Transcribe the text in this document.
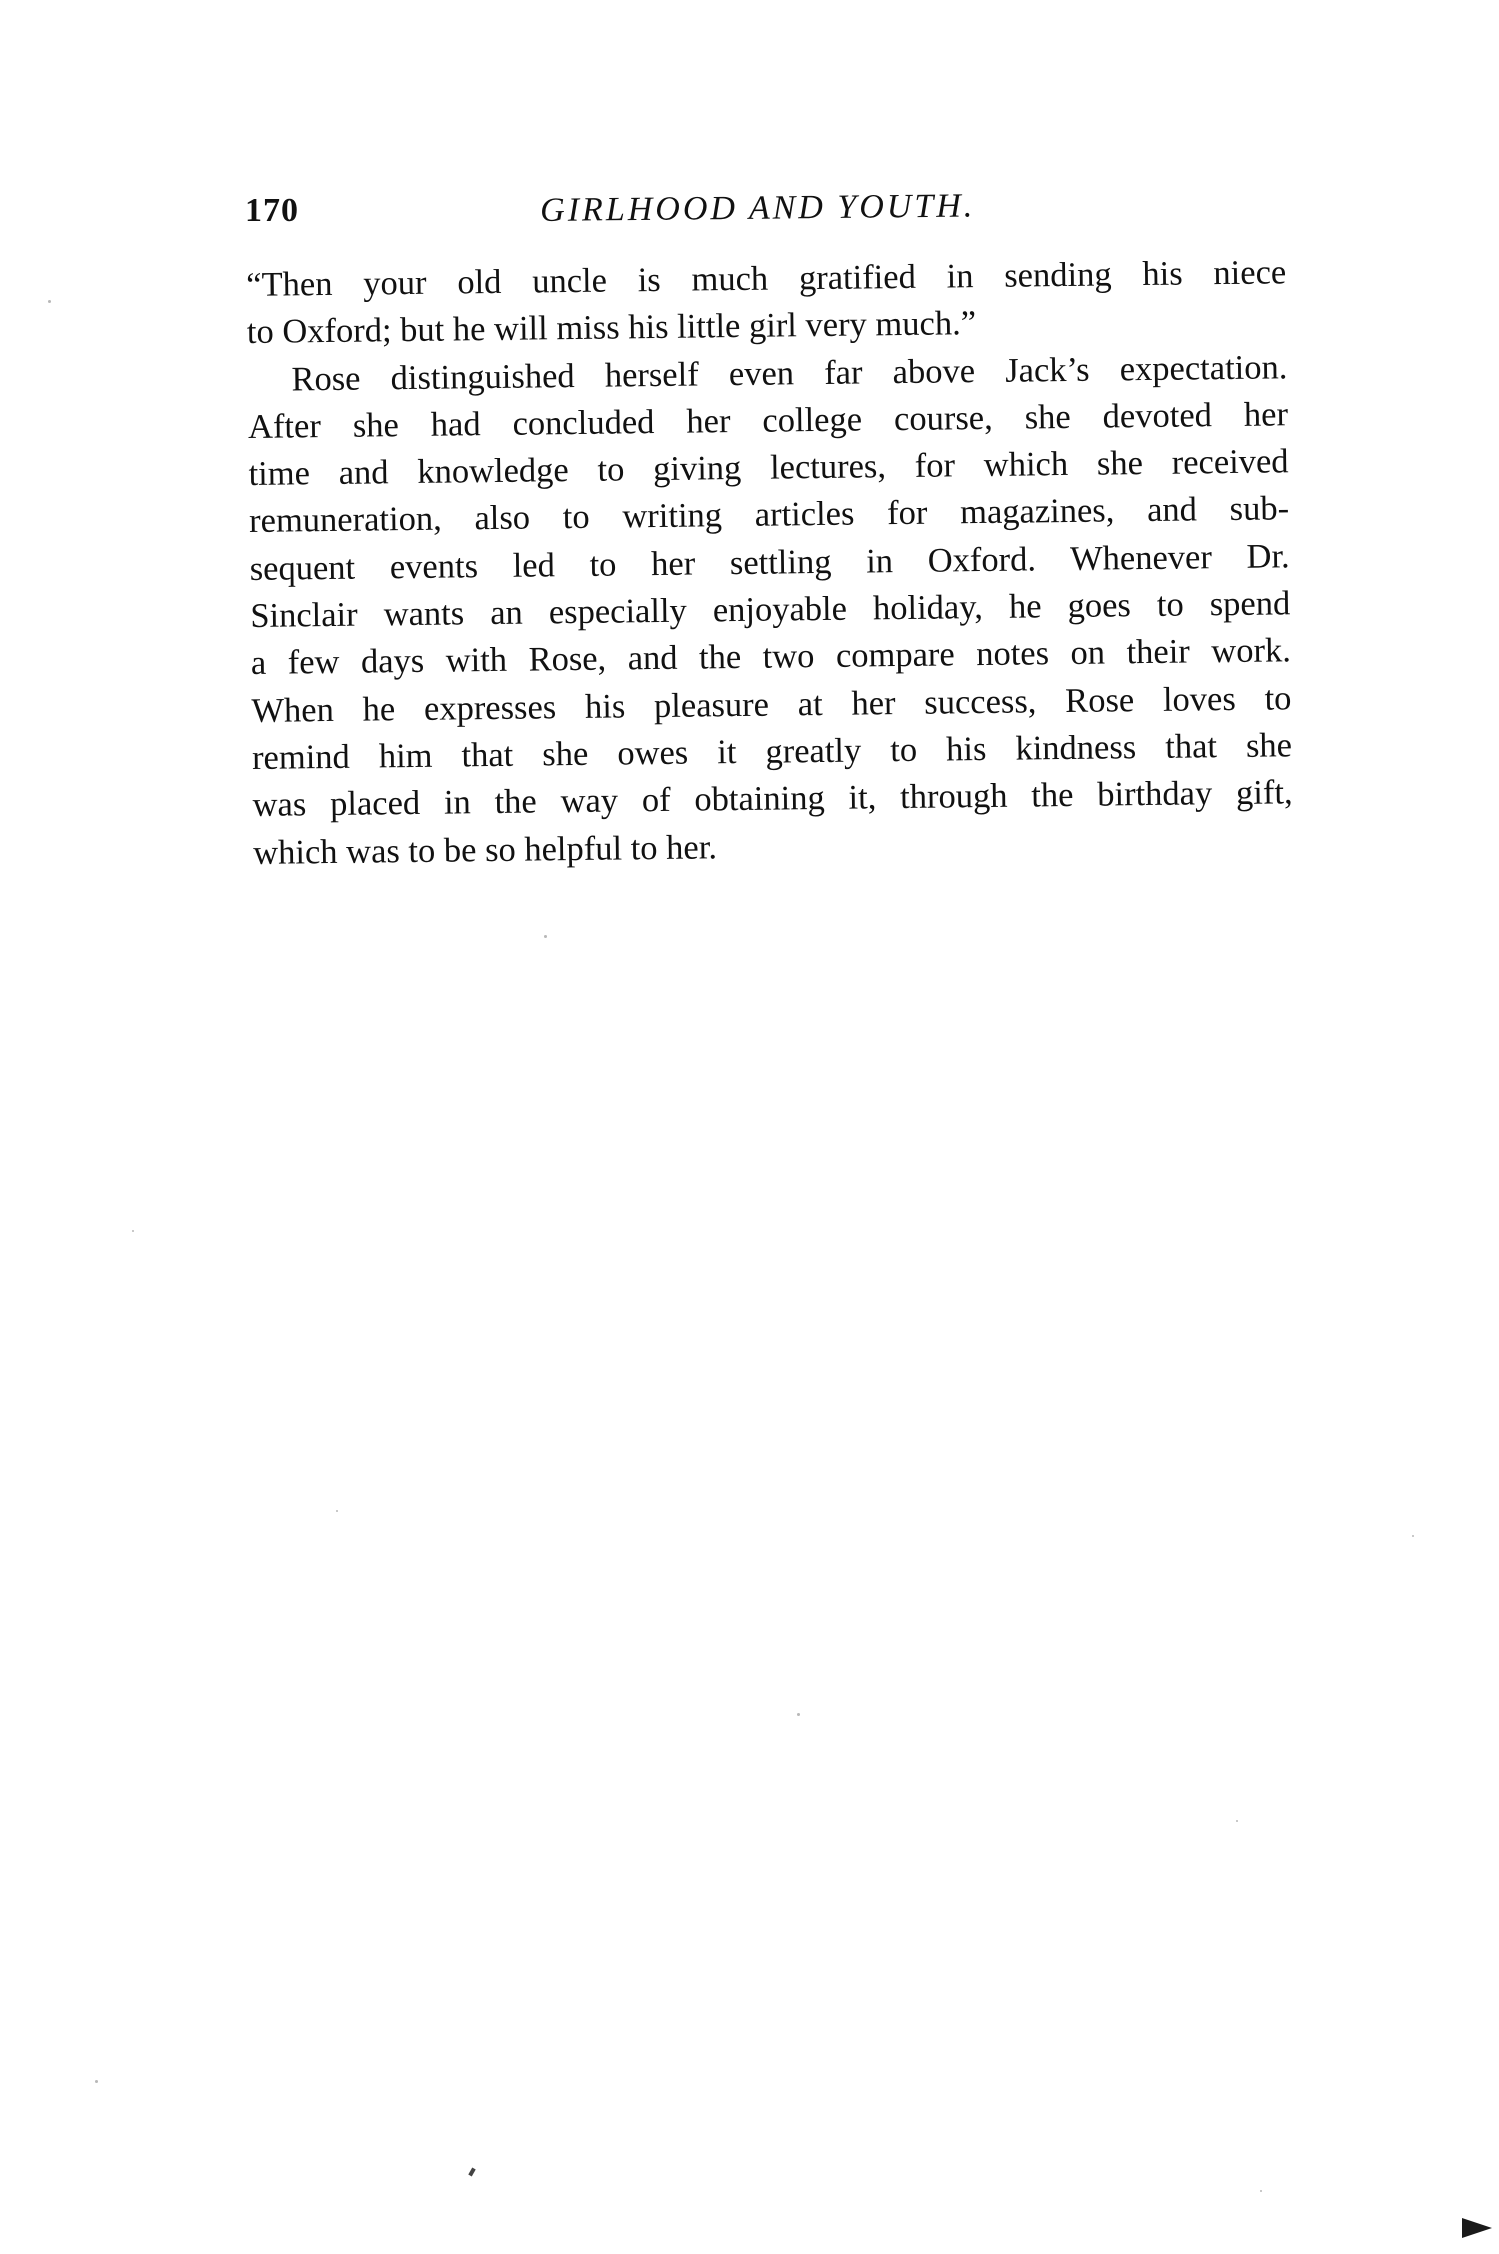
170	GIRLHOOD AND YOUTH.
“Then your old uncle is much gratified in sending his niece
to Oxford; but he will miss his little girl very much.”
Rose distinguished herself even far above Jack’s expectation.
After she had concluded her college course, she devoted her
time and knowledge to giving lectures, for which she received
remuneration, also to writing articles for magazines, and sub-
sequent events led to her settling in Oxford. Whenever Dr.
Sinclair wants an especially enjoyable holiday, he goes to spend
a few days with Rose, and the two compare notes on their work.
When he expresses his pleasure at her success, Rose loves to
remind him that she owes it greatly to his kindness that she
was placed in the way of obtaining it, through the birthday gift,
which was to be so helpful to her.
